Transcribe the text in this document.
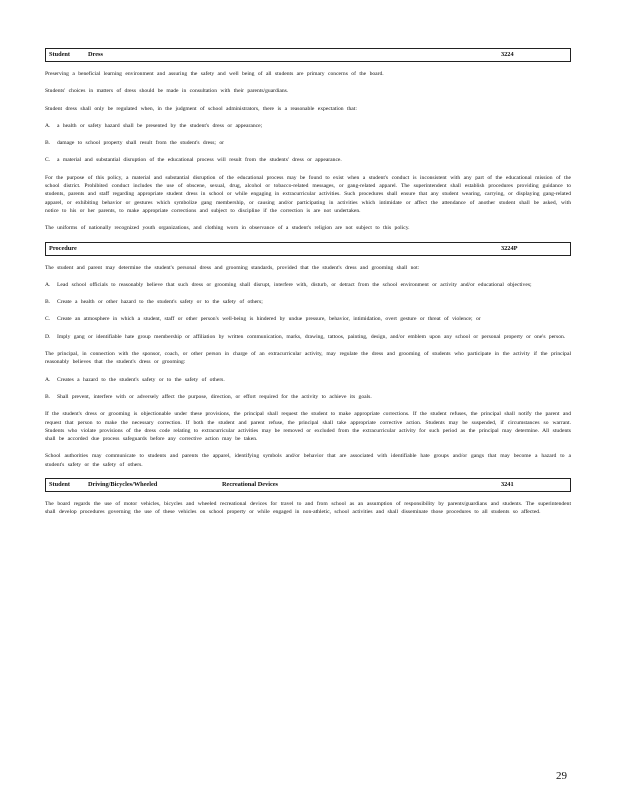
Student	Dress	3224

Preserving a beneficial learning environment and assuring the safety and well being of all students are primary concerns of the board.

Students' choices in matters of dress should be made in consultation with their parents/guardians.

Student dress shall only be regulated when, in the judgment of school administrators, there is a reasonable expectation that:

A.	a health or safety hazard shall be presented by the student's dress or appearance;
B.	damage to school property shall result from the student's dress; or
C.	a material and substantial disruption of the educational process will result from the students' dress or appearance.

For the purpose of this policy, a material and substantial disruption of the educational process may be found to exist when a student's conduct is inconsistent with any part of the educational mission of the school district. Prohibited conduct includes the use of obscene, sexual, drug, alcohol or tobacco-related messages, or gang-related apparel. The superintendent shall establish procedures providing guidance to students, parents and staff regarding appropriate student dress in school or while engaging in extracurricular activities. Such procedures shall ensure that any student wearing, carrying, or displaying gang-related apparel, or exhibiting behavior or gestures which symbolize gang membership, or causing and/or participating in activities which intimidate or affect the attendance of another student shall be asked, with notice to his or her parents, to make appropriate corrections and subject to discipline if the correction is are not undertaken.

The uniforms of nationally recognized youth organizations, and clothing worn in observance of a student's religion are not subject to this policy.

Procedure	3224P

The student and parent may determine the student's personal dress and grooming standards, provided that the student's dress and grooming shall not:

A.	Lead school officials to reasonably believe that such dress or grooming shall disrupt, interfere with, disturb, or detract from the school environment or activity and/or educational objectives;
B.	Create a health or other hazard to the student's safety or to the safety of others;
C.	Create an atmosphere in which a student, staff or other person's well-being is hindered by undue pressure, behavior, intimidation, overt gesture or threat of violence; or
D.	Imply gang or identifiable hate group membership or affiliation by written communication, marks, drawing, tattoos, painting, design, and/or emblem upon any school or personal property or one's person.

The principal, in connection with the sponsor, coach, or other person in charge of an extracurricular activity, may regulate the dress and grooming of students who participate in the activity if the principal reasonably believes that the student's dress or grooming:

A.	Creates a hazard to the student's safety or to the safety of others.
B.	Shall prevent, interfere with or adversely affect the purpose, direction, or effort required for the activity to achieve its goals.

If the student's dress or grooming is objectionable under these provisions, the principal shall request the student to make appropriate corrections. If the student refuses, the principal shall notify the parent and request that person to make the necessary correction. If both the student and parent refuse, the principal shall take appropriate corrective action. Students may be suspended, if circumstances so warrant. Students who violate provisions of the dress code relating to extracurricular activities may be removed or excluded from the extracurricular activity for such period as the principal may determine. All students shall be accorded due process safeguards before any corrective action may be taken.

School authorities may communicate to students and parents the apparel, identifying symbols and/or behavior that are associated with identifiable hate groups and/or gangs that may become a hazard to a student's safety or the safety of others.

Student	Driving/Bicycles/Wheeled	Recreational Devices	3241

The board regards the use of motor vehicles, bicycles and wheeled recreational devices for travel to and from school as an assumption of responsibility by parents/guardians and students. The superintendent shall develop procedures governing the use of these vehicles on school property or while engaged in non-athletic, school activities and shall disseminate those procedures to all students so affected.

29
